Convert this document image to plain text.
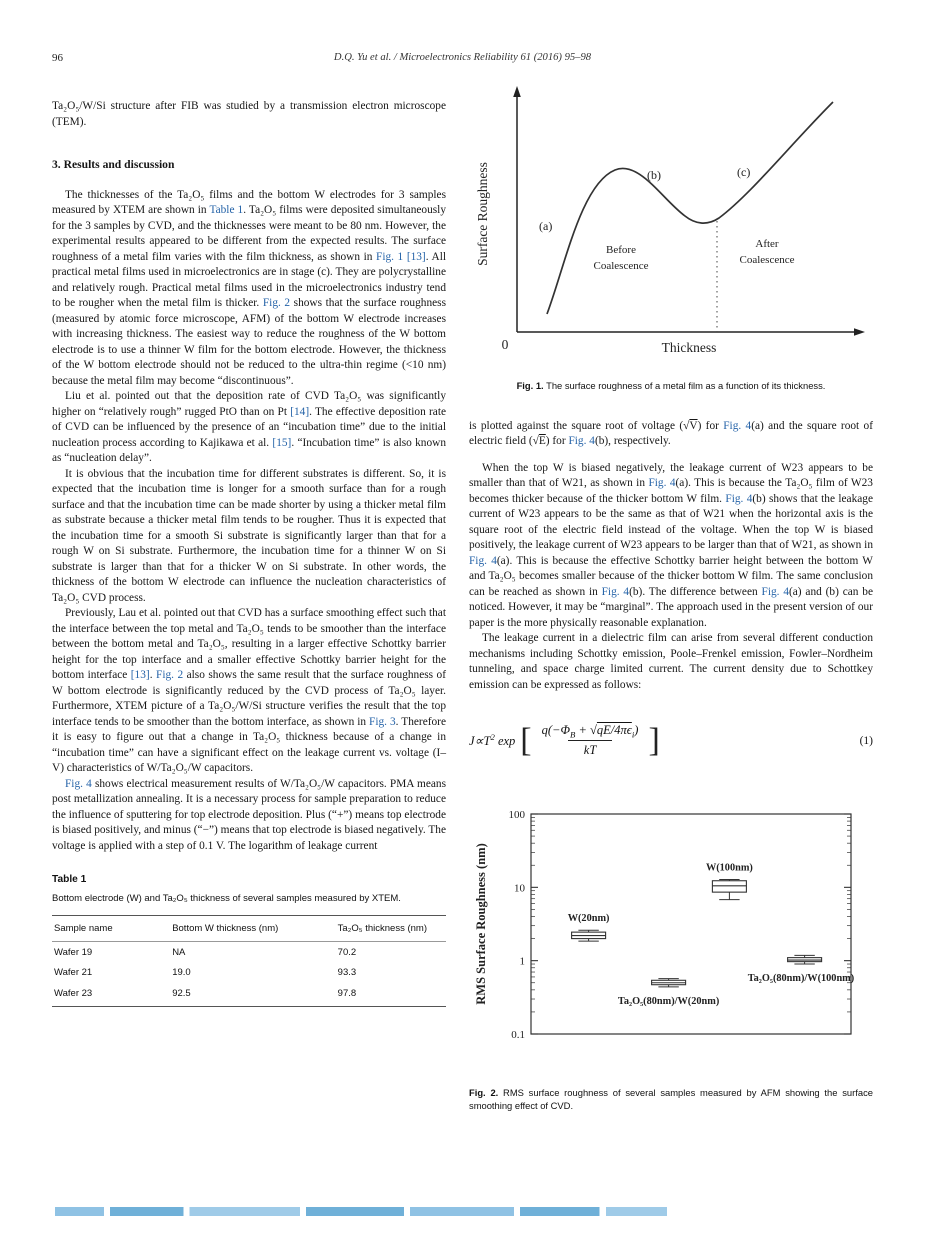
96	D.Q. Yu et al. / Microelectronics Reliability 61 (2016) 95–98

Ta₂O₅/W/Si structure after FIB was studied by a transmission electron microscope (TEM).

3. Results and discussion

The thicknesses of the Ta₂O₅ films and the bottom W electrodes for 3 samples measured by XTEM are shown in Table 1. Ta₂O₅ films were deposited simultaneously for the 3 samples by CVD, and the thicknesses were meant to be 80 nm. However, the experimental results appeared to be different from the expected results. The surface roughness of a metal film varies with the film thickness, as shown in Fig. 1 [13]. All practical metal films used in microelectronics are in stage (c). They are polycrystalline and relatively rough. Practical metal films used in the microelectronics industry tend to be rougher when the metal film is thicker. Fig. 2 shows that the surface roughness (measured by atomic force microscope, AFM) of the bottom W electrode increases with increasing thickness. The easiest way to reduce the roughness of the W bottom electrode is to use a thinner W film for the bottom electrode. However, the thickness of the W bottom electrode should not be reduced to the ultra-thin regime (<10 nm) because the metal film may become “discontinuous”.

Liu et al. pointed out that the deposition rate of CVD Ta₂O₅ was significantly higher on “relatively rough” rugged PtO than on Pt [14]. The effective deposition rate of CVD can be influenced by the presence of an “incubation time” due to the initial nucleation process according to Kajikawa et al. [15]. “Incubation time” is also known as “nucleation delay”.

It is obvious that the incubation time for different substrates is different. So, it is expected that the incubation time is longer for a smooth surface than for a rough surface and that the incubation time can be made shorter by using a thicker metal film as substrate because a thicker metal film tends to be rougher. Thus it is expected that the incubation time for a smooth Si substrate is significantly larger than that for a rough W on Si substrate. Furthermore, the incubation time for a thinner W on Si substrate is larger than that for a thicker W on Si substrate. In other words, the thickness of the bottom W electrode can influence the nucleation characteristics of Ta₂O₅ CVD process.

Previously, Lau et al. pointed out that CVD has a surface smoothing effect such that the interface between the top metal and Ta₂O₅ tends to be smoother than the interface between the bottom metal and Ta₂O₅, resulting in a larger effective Schottky barrier height for the top interface and a smaller effective Schottky barrier height for the bottom interface [13]. Fig. 2 also shows the same result that the surface roughness of W bottom electrode is significantly reduced by the CVD process of Ta₂O₅ layer. Furthermore, XTEM picture of a Ta₂O₅/W/Si structure verifies the result that the top interface tends to be smoother than the bottom interface, as shown in Fig. 3. Therefore it is easy to figure out that a change in Ta₂O₅ thickness because of a change in “incubation time” can have a significant effect on the leakage current vs. voltage (I–V) characteristics of W/Ta₂O₅/W capacitors.

Fig. 4 shows electrical measurement results of W/Ta₂O₅/W capacitors. PMA means post metallization annealing. It is a necessary process for sample preparation to reduce the influence of sputtering for top electrode deposition. Plus (“+”) means top electrode is biased positively, and minus (“−”) means that top electrode is biased negatively. The voltage is applied with a step of 0.1 V. The logarithm of leakage current

Table 1

Bottom electrode (W) and Ta₂O₅ thickness of several samples measured by XTEM.

Sample name	Bottom W thickness (nm)	Ta₂O₅ thickness (nm)
Wafer 19	NA	70.2
Wafer 21	19.0	93.3
Wafer 23	92.5	97.8
(a)
(b)	(c)
Before
Coalescence
After
Coalescence
0	Thickness
Surface Roughness

Fig. 1. The surface roughness of a metal film as a function of its thickness.

is plotted against the square root of voltage (√V) for Fig. 4(a) and the square root of electric field (√E) for Fig. 4(b), respectively.

When the top W is biased negatively, the leakage current of W23 appears to be smaller than that of W21, as shown in Fig. 4(a). This is because the Ta₂O₅ film of W23 becomes thicker because of the thicker bottom W film. Fig. 4(b) shows that the leakage current of W23 appears to be the same as that of W21 when the horizontal axis is the square root of the electric field instead of the voltage. When the top W is biased positively, the leakage current of W23 appears to be larger than that of W21, as shown in Fig. 4(a). This is because the effective Schottky barrier height between the bottom W and Ta₂O₅ becomes smaller because of the thicker bottom W film. The same conclusion can be reached as shown in Fig. 4(b). The difference between Fig. 4(a) and (b) can be noticed. However, it may be “marginal”. The approach used in the present version of our paper is the more physically reasonable explanation.

The leakage current in a dielectric film can arise from several different conduction mechanisms including Schottky emission, Poole–Frenkel emission, Fowler–Nordheim tunneling, and space charge limited current. The current density due to Schottkey emission can be expressed as follows:

$J\propto T^2$ exp [ $\frac{q(-\Phi_B + √qE/4\pi\epsilon_i)}{kT}$ ]	(1)
RMS Surface Roughness (nm)
100
10
1
0.1
W(20nm)
Ta₂O₅(80nm)/W(20nm)
W(100nm)
Ta₂O₅(80nm)/W(100nm)

Fig. 2. RMS surface roughness of several samples measured by AFM showing the surface smoothing effect of CVD.
